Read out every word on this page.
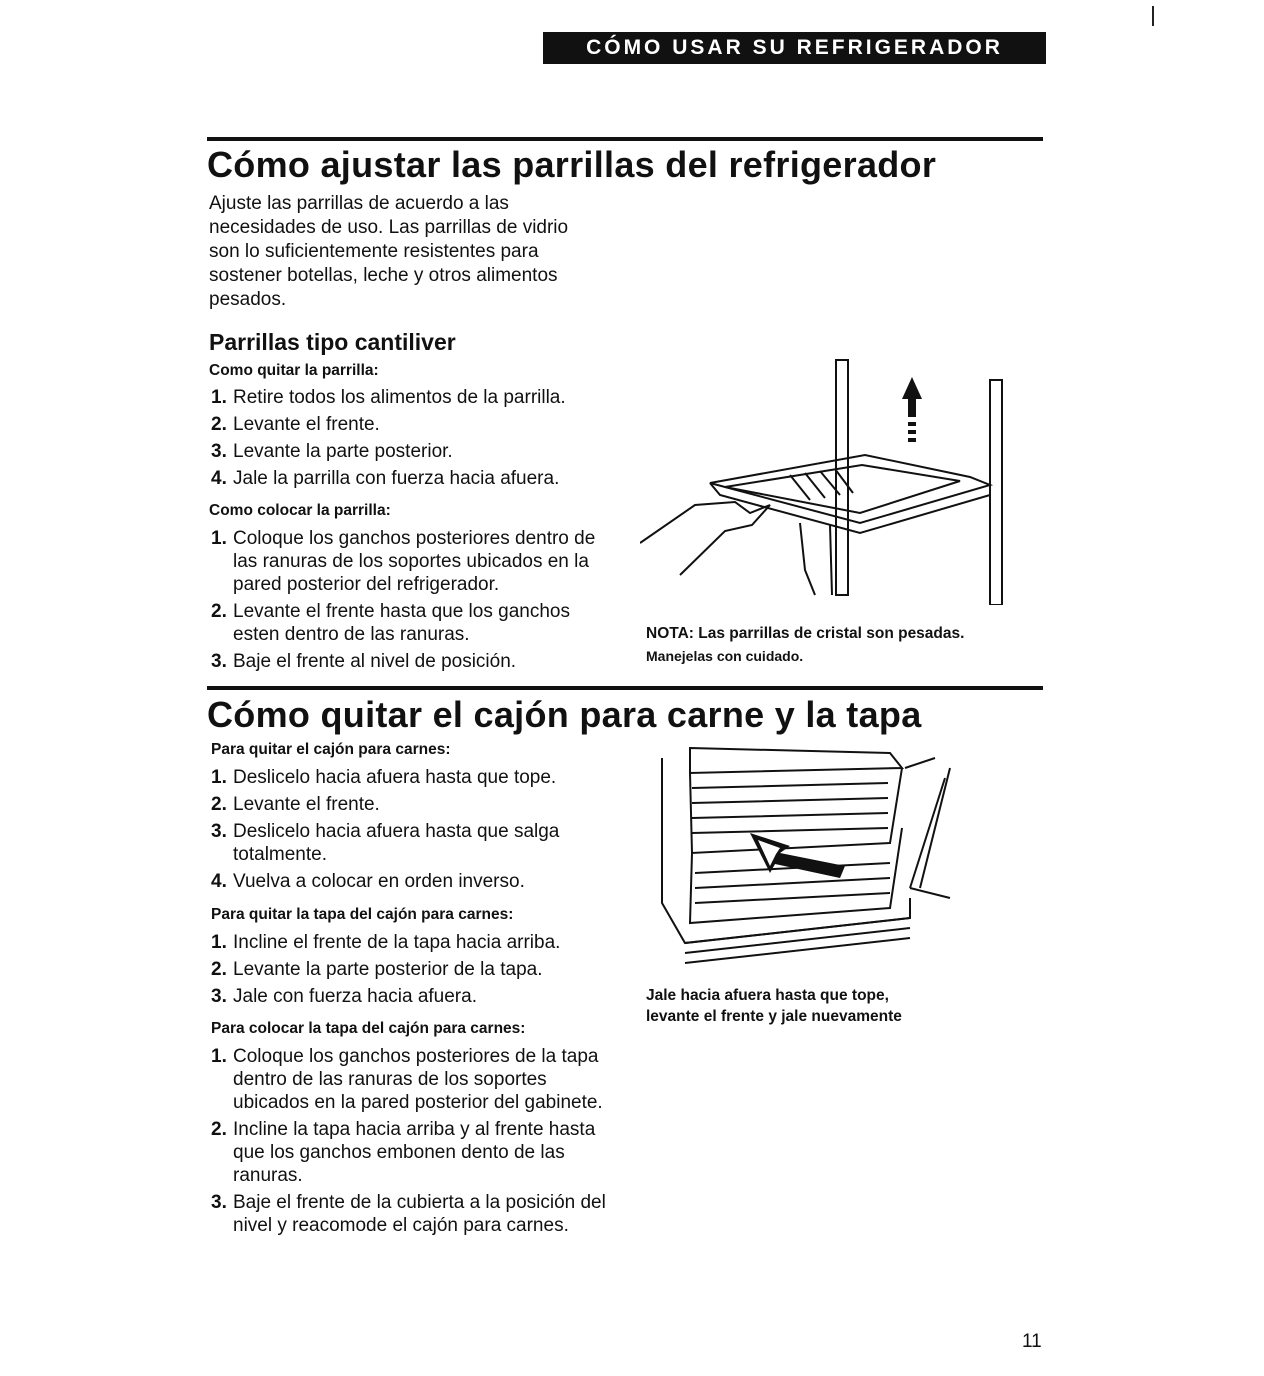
CÓMO USAR SU REFRIGERADOR
Cómo ajustar las parrillas del refrigerador
Ajuste las parrillas de acuerdo a las necesidades de uso. Las parrillas de vidrio son lo suficientemente resistentes para sostener botellas, leche y otros alimentos pesados.
Parrillas tipo cantiliver
Como quitar la parrilla:
1. Retire todos los alimentos de la parrilla.
2. Levante el frente.
3. Levante la parte posterior.
4. Jale la parrilla con fuerza hacia afuera.
Como colocar la parrilla:
1. Coloque los ganchos posteriores dentro de las ranuras de los soportes ubicados en la pared posterior del refrigerador.
2. Levante el frente hasta que los ganchos esten dentro de las ranuras.
3. Baje el frente al nivel de posición.
NOTA: Las parrillas de cristal son pesadas.
Manejelas con cuidado.
Cómo quitar el cajón para carne y la tapa
Para quitar el cajón para carnes:
1. Deslicelo hacia afuera hasta que tope.
2. Levante el frente.
3. Deslicelo hacia afuera hasta que salga totalmente.
4. Vuelva a colocar en orden inverso.
Para quitar la tapa del cajón para carnes:
1. Incline el frente de la tapa hacia arriba.
2. Levante la parte posterior de la tapa.
3. Jale con fuerza hacia afuera.
Para colocar la tapa del cajón para carnes:
1. Coloque los ganchos posteriores de la tapa dentro de las ranuras de los soportes ubicados en la pared posterior del gabinete.
2. Incline la tapa hacia arriba y al frente hasta que los ganchos embonen dento de las ranuras.
3. Baje el frente de la cubierta a la posición del nivel y reacomode el cajón para carnes.
Jale hacia afuera hasta que tope,
levante el frente y jale nuevamente
11
